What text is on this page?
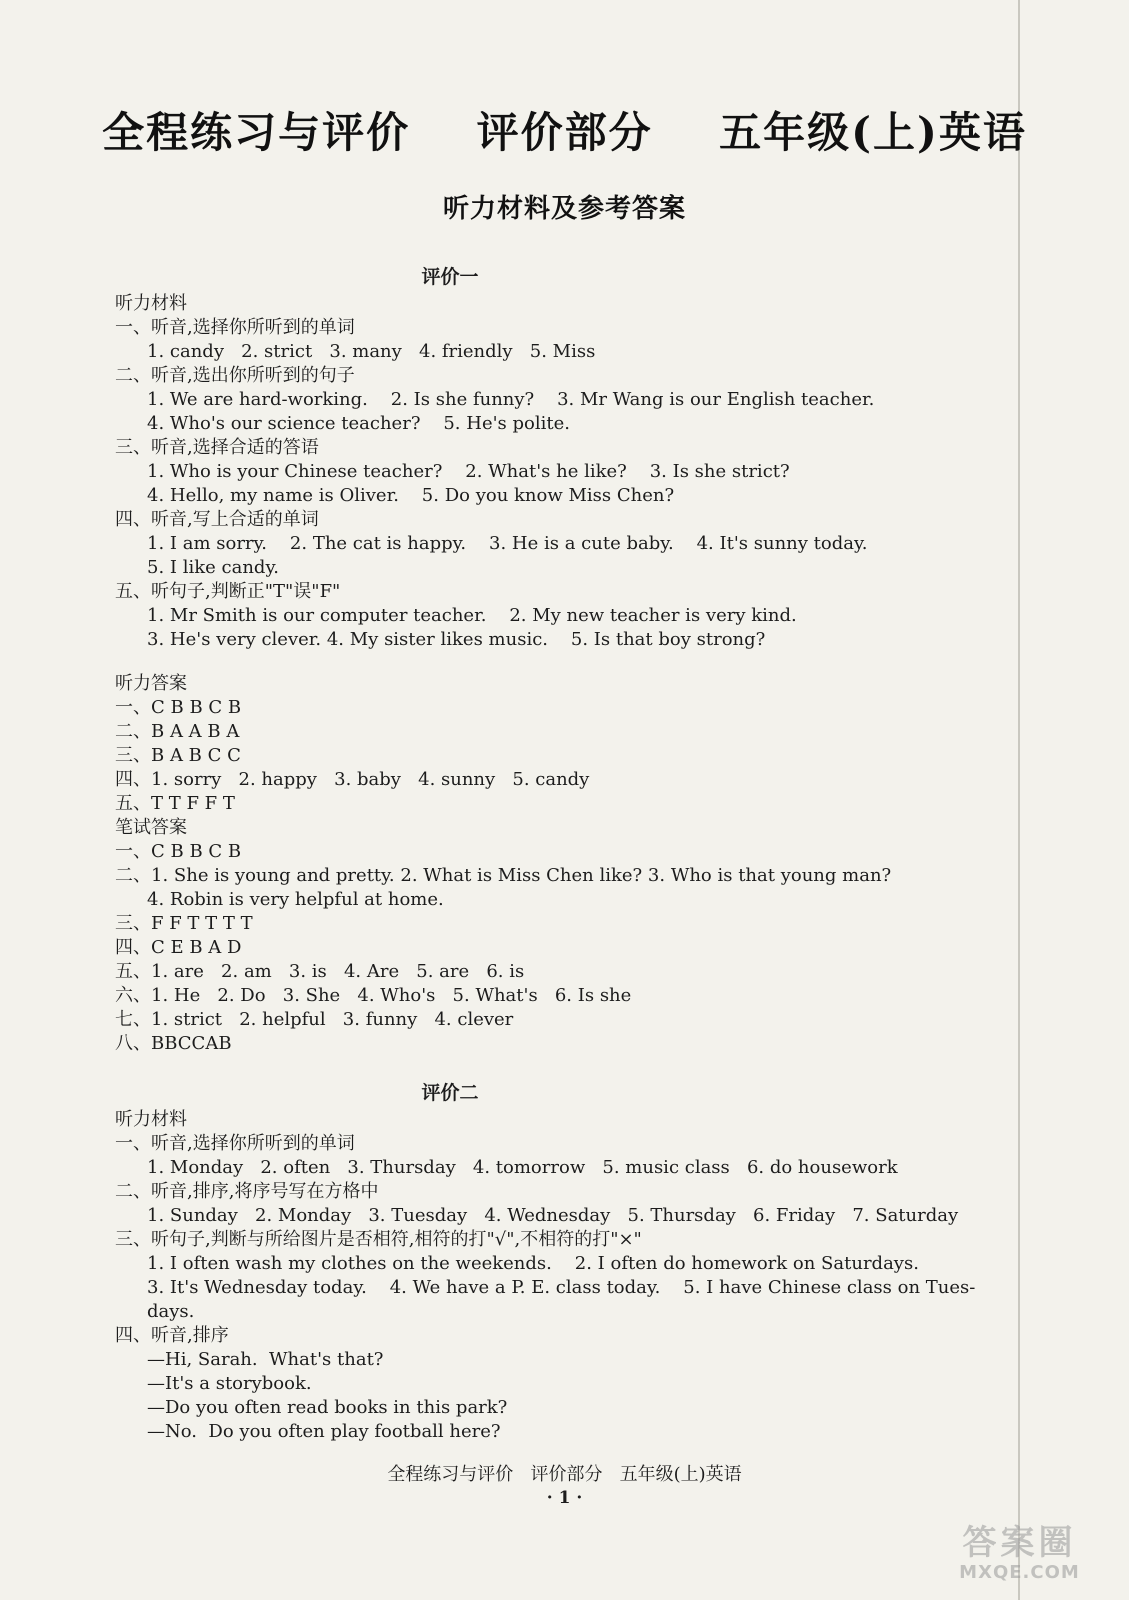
全程练习与评价    评价部分    五年级(上)英语
听力材料及参考答案
评价一
听力材料
一、听音,选择你所听到的单词
1. candy   2. strict   3. many   4. friendly   5. Miss
二、听音,选出你所听到的句子
1. We are hard-working.    2. Is she funny?    3. Mr Wang is our English teacher.
4. Who's our science teacher?    5. He's polite.
三、听音,选择合适的答语
1. Who is your Chinese teacher?    2. What's he like?    3. Is she strict?
4. Hello, my name is Oliver.    5. Do you know Miss Chen?
四、听音,写上合适的单词
1. I am sorry.    2. The cat is happy.    3. He is a cute baby.    4. It's sunny today.
5. I like candy.
五、听句子,判断正"T"误"F"
1. Mr Smith is our computer teacher.    2. My new teacher is very kind.
3. He's very clever. 4. My sister likes music.    5. Is that boy strong?
听力答案
一、C B B C B
二、B A A B A
三、B A B C C
四、1. sorry   2. happy   3. baby   4. sunny   5. candy
五、T T F F T
笔试答案
一、C B B C B
二、1. She is young and pretty. 2. What is Miss Chen like? 3. Who is that young man?
4. Robin is very helpful at home.
三、F F T T T T
四、C E B A D
五、1. are   2. am   3. is   4. Are   5. are   6. is
六、1. He   2. Do   3. She   4. Who's   5. What's   6. Is she
七、1. strict   2. helpful   3. funny   4. clever
八、BBCCAB
评价二
听力材料
一、听音,选择你所听到的单词
1. Monday   2. often   3. Thursday   4. tomorrow   5. music class   6. do housework
二、听音,排序,将序号写在方格中
1. Sunday   2. Monday   3. Tuesday   4. Wednesday   5. Thursday   6. Friday   7. Saturday
三、听句子,判断与所给图片是否相符,相符的打"√",不相符的打"×"
1. I often wash my clothes on the weekends.    2. I often do homework on Saturdays.
3. It's Wednesday today.    4. We have a P. E. class today.    5. I have Chinese class on Tues-
days.
四、听音,排序
—Hi, Sarah.  What's that?
—It's a storybook.
—Do you often read books in this park?
—No.  Do you often play football here?
全程练习与评价   评价部分   五年级(上)英语
· 1 ·
答案圈
MXQE.COM
